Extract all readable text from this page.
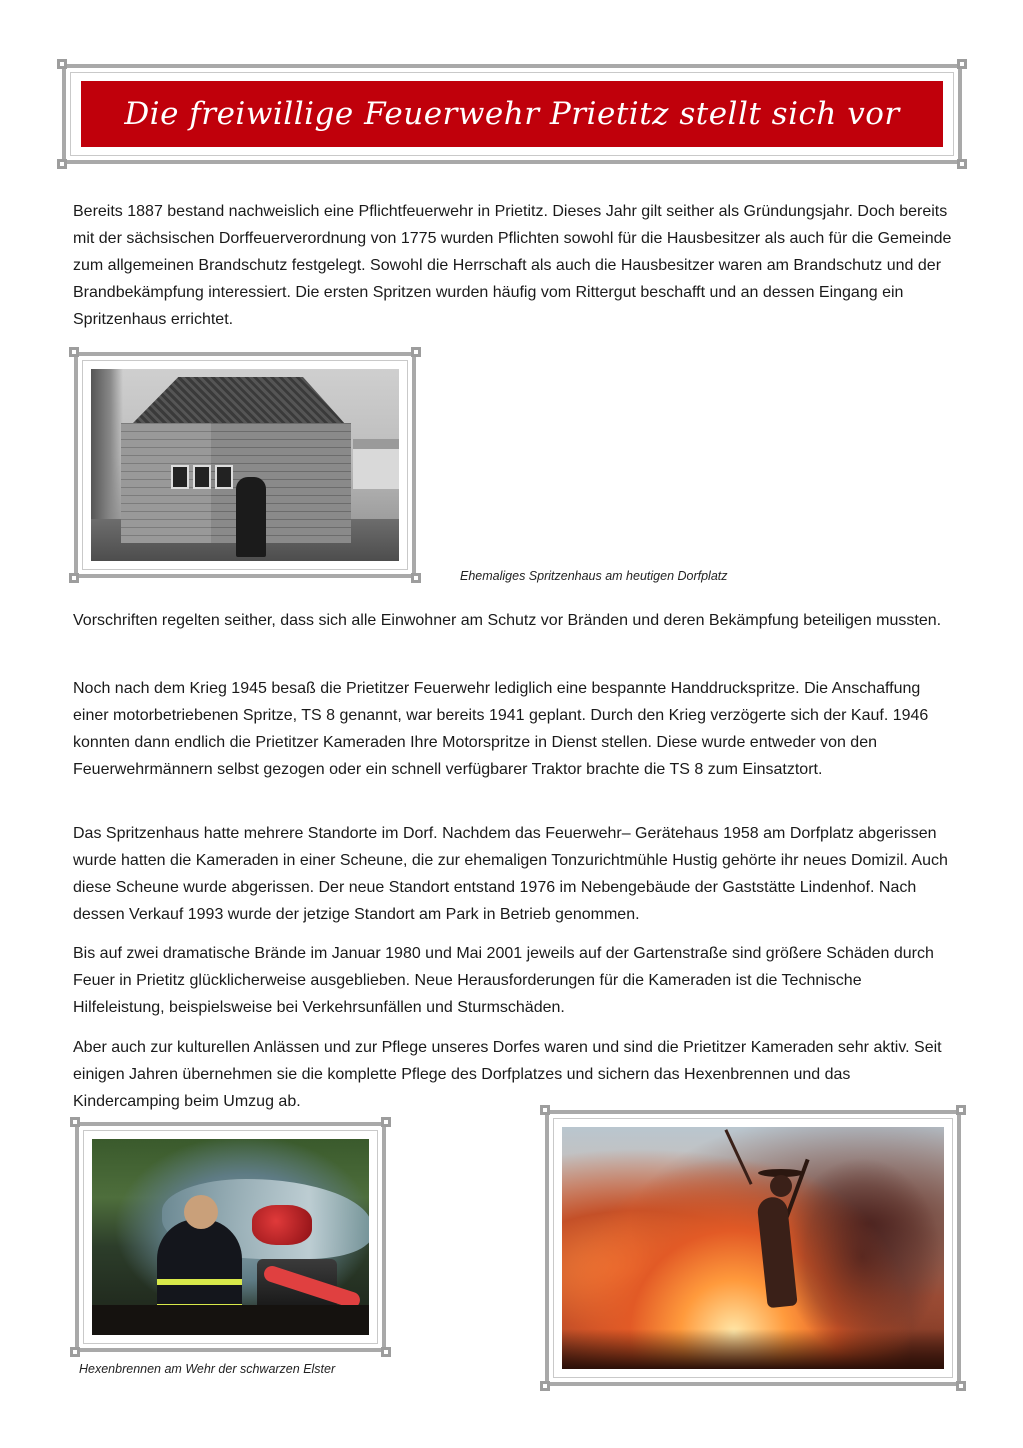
Die freiwillige Feuerwehr Prietitz stellt sich vor

Bereits 1887 bestand nachweislich eine Pflichtfeuerwehr in Prietitz. Dieses Jahr gilt seither als Gründungsjahr. Doch bereits mit der sächsischen Dorffeuerverordnung von 1775 wurden Pflichten sowohl für die Hausbesitzer als auch für die Gemeinde zum allgemeinen Brandschutz festgelegt. Sowohl die Herrschaft als auch die Hausbesitzer waren am Brandschutz und der Brandbekämpfung interessiert. Die ersten Spritzen wurden häufig vom Rittergut beschafft und an dessen Eingang ein Spritzenhaus errichtet.

Ehemaliges Spritzenhaus am heutigen Dorfplatz

Vorschriften regelten seither, dass sich alle Einwohner am Schutz vor Bränden und deren Bekämpfung beteiligen mussten.

Noch nach dem Krieg 1945 besaß die Prietitzer Feuerwehr lediglich eine bespannte Handdruckspritze. Die Anschaffung einer motorbetriebenen Spritze, TS 8 genannt, war bereits 1941 geplant. Durch den Krieg verzögerte sich der Kauf. 1946 konnten dann endlich die Prietitzer Kameraden Ihre Motorspritze in Dienst stellen. Diese wurde entweder von den Feuerwehrmännern selbst gezogen oder ein schnell verfügbarer Traktor brachte die TS 8 zum Einsatztort.

Das Spritzenhaus hatte mehrere Standorte im Dorf. Nachdem das Feuerwehr– Gerätehaus 1958 am Dorfplatz abgerissen wurde hatten die Kameraden in einer Scheune, die zur ehemaligen Tonzurichtmühle Hustig gehörte ihr neues Domizil. Auch diese Scheune wurde abgerissen. Der neue Standort entstand 1976 im Nebengebäude der Gaststätte Lindenhof. Nach dessen Verkauf 1993 wurde der jetzige Standort am Park in Betrieb genommen.

Bis auf zwei dramatische Brände im Januar 1980 und Mai 2001 jeweils auf der Gartenstraße sind größere Schäden durch Feuer in Prietitz glücklicherweise ausgeblieben. Neue Herausforderungen für die Kameraden ist die Technische Hilfeleistung, beispielsweise bei Verkehrsunfällen und Sturmschäden.

Aber auch zur kulturellen Anlässen und zur Pflege unseres Dorfes waren und sind die Prietitzer Kameraden sehr aktiv. Seit einigen Jahren übernehmen sie die komplette Pflege des Dorfplatzes und sichern das Hexenbrennen und das Kindercamping beim Umzug ab.

Hexenbrennen am Wehr der schwarzen Elster
